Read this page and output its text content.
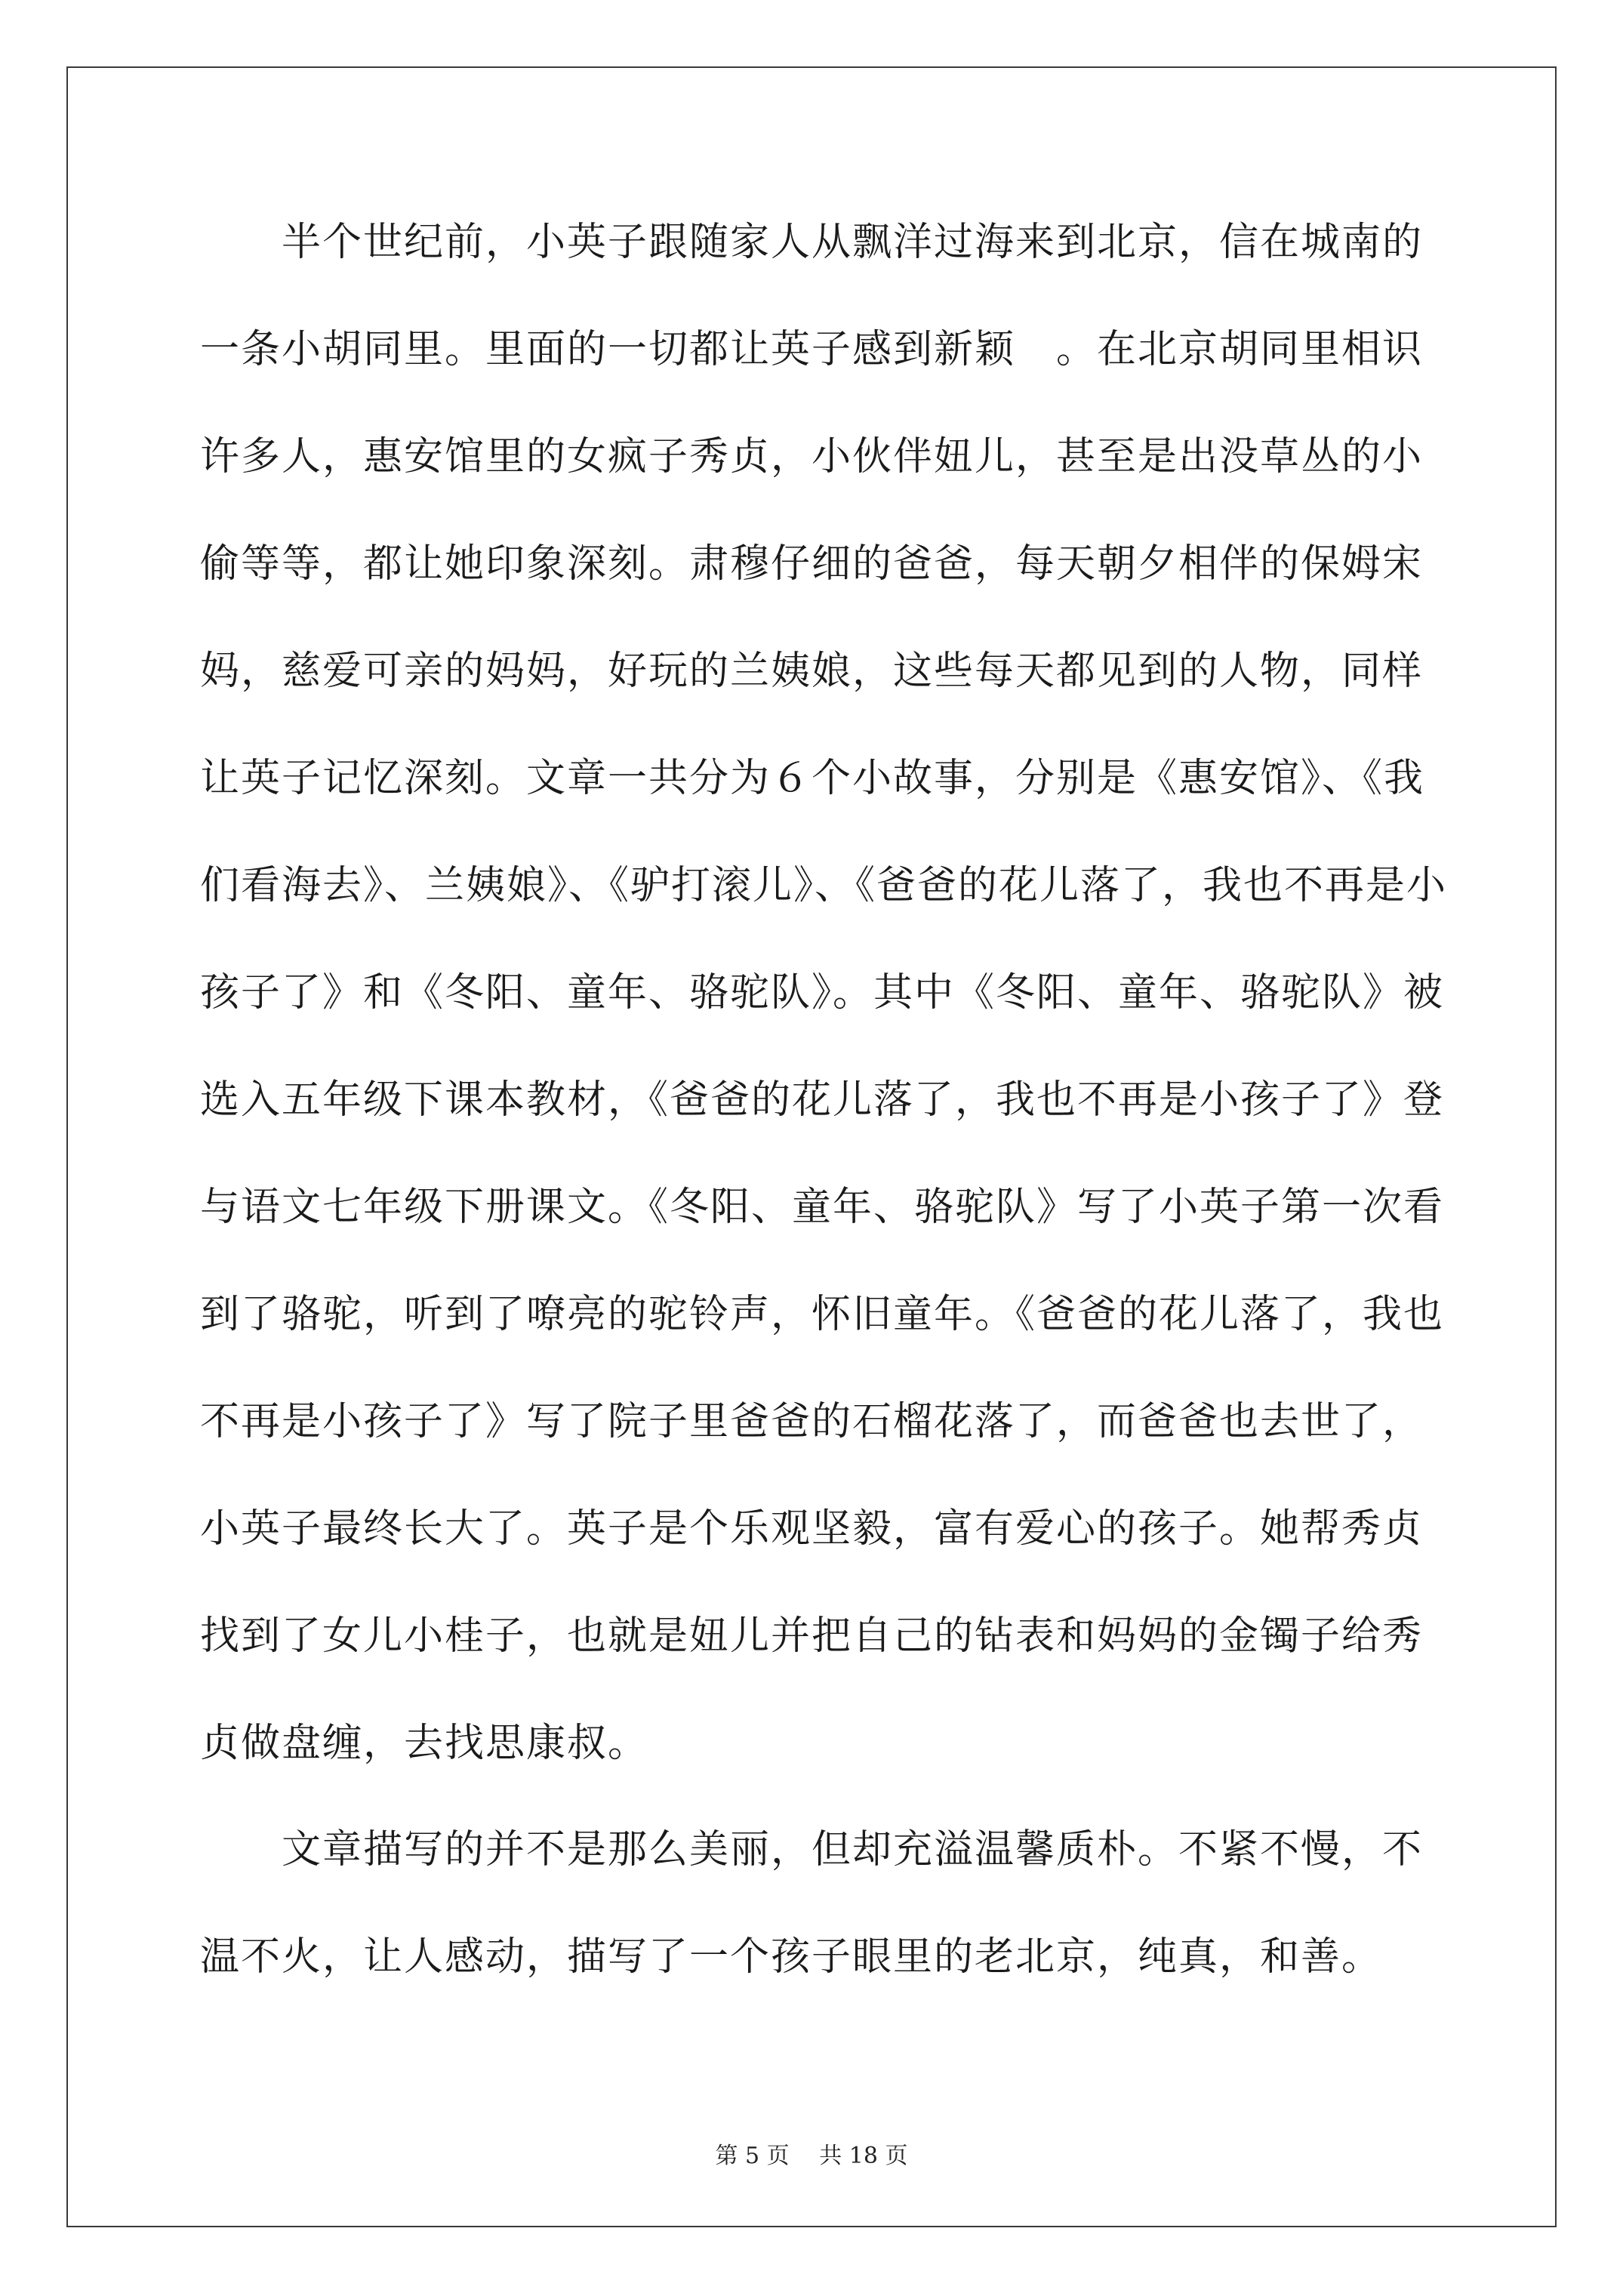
　　半个世纪前，小英子跟随家人从飘洋过海来到北京，信在城南的
一条小胡同里。里面的一切都让英子感到新颖　。在北京胡同里相识
许多人，惠安馆里的女疯子秀贞，小伙伴妞儿，甚至是出没草丛的小
偷等等，都让她印象深刻。肃穆仔细的爸爸，每天朝夕相伴的保姆宋
妈，慈爱可亲的妈妈，好玩的兰姨娘，这些每天都见到的人物，同样
让英子记忆深刻。文章一共分为６个小故事，分别是《惠安馆》、《我
们看海去》、兰姨娘》、《驴打滚儿》、《爸爸的花儿落了，我也不再是小
孩子了》和《冬阳、童年、骆驼队》。其中《冬阳、童年、骆驼队》被
选入五年级下课本教材，《爸爸的花儿落了，我也不再是小孩子了》登
与语文七年级下册课文。《冬阳、童年、骆驼队》写了小英子第一次看
到了骆驼，听到了嘹亮的驼铃声，怀旧童年。《爸爸的花儿落了，我也
不再是小孩子了》写了院子里爸爸的石榴花落了，而爸爸也去世了，
小英子最终长大了。英子是个乐观坚毅，富有爱心的孩子。她帮秀贞
找到了女儿小桂子，也就是妞儿并把自己的钻表和妈妈的金镯子给秀
贞做盘缠，去找思康叔。
　　文章描写的并不是那么美丽，但却充溢温馨质朴。不紧不慢，不
温不火，让人感动，描写了一个孩子眼里的老北京，纯真，和善。
第 5 页　 共 18 页
